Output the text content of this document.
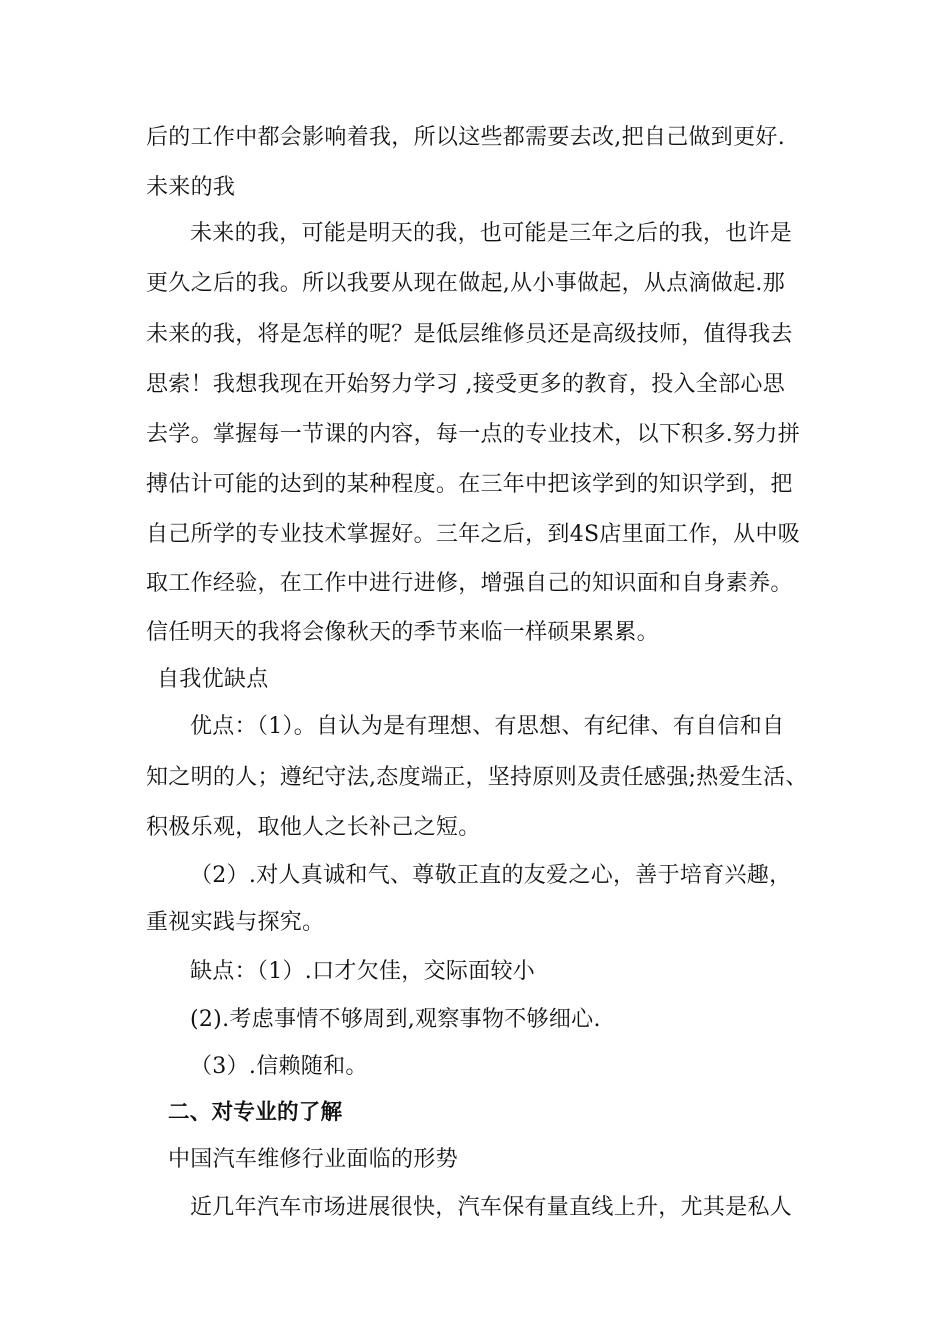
后的工作中都会影响着我，所以这些都需要去改,把自己做到更好.
未来的我
未来的我，可能是明天的我，也可能是三年之后的我，也许是
更久之后的我。所以我要从现在做起,从小事做起，从点滴做起.那
未来的我，将是怎样的呢？是低层维修员还是高级技师，值得我去
思索！我想我现在开始努力学习 ,接受更多的教育，投入全部心思
去学。掌握每一节课的内容，每一点的专业技术，以下积多.努力拼
搏估计可能的达到的某种程度。在三年中把该学到的知识学到，把
自己所学的专业技术掌握好。三年之后，到4S店里面工作，从中吸
取工作经验，在工作中进行进修，增强自己的知识面和自身素养。
信任明天的我将会像秋天的季节来临一样硕果累累。
自我优缺点
优点：（1）。自认为是有理想、有思想、有纪律、有自信和自
知之明的人；遵纪守法,态度端正，坚持原则及责任感强;热爱生活、
积极乐观，取他人之长补己之短。
（2）.对人真诚和气、尊敬正直的友爱之心，善于培育兴趣，
重视实践与探究。
缺点：（1）.口才欠佳，交际面较小
(2).考虑事情不够周到,观察事物不够细心.
（3）.信赖随和。
二、对专业的了解
中国汽车维修行业面临的形势
近几年汽车市场进展很快，汽车保有量直线上升，尤其是私人
